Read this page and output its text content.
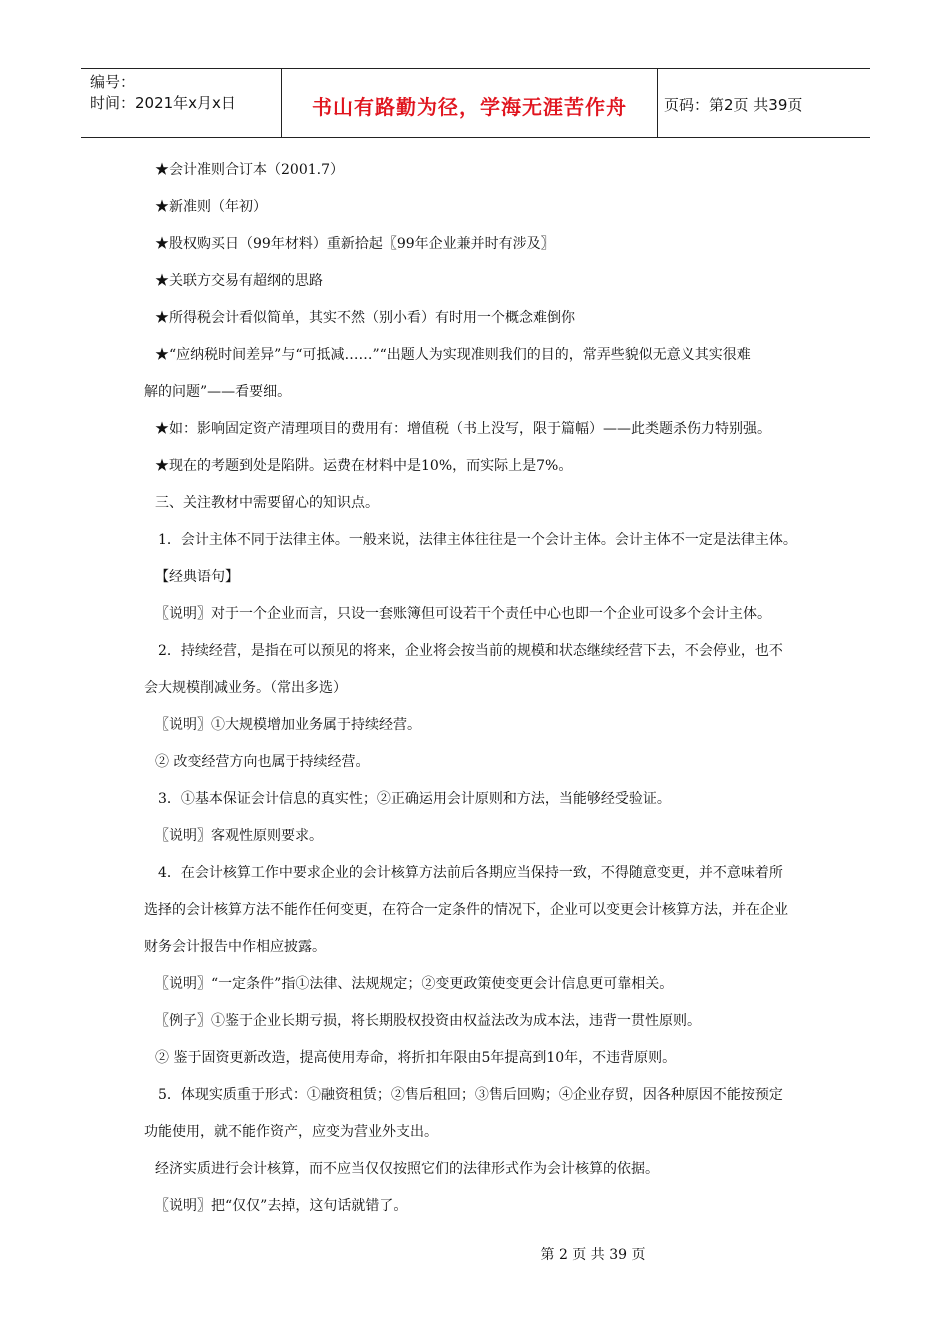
编号：
时间：2021年x月x日	书山有路勤为径，学海无涯苦作舟 页码：第2页 共39页
★会计准则合订本（2001.7）
★新准则（年初）
★股权购买日（99年材料）重新拾起〖99年企业兼并时有涉及〗
★关联方交易有超纲的思路
★所得税会计看似简单，其实不然（别小看）有时用一个概念难倒你
★“应纳税时间差异”与“可抵减……”“出题人为实现准则我们的目的，常弄些貌似无意义其实很难
解的问题”——看要细。
★如：影响固定资产清理项目的费用有：增值税（书上没写，限于篇幅）——此类题杀伤力特别强。
★现在的考题到处是陷阱。运费在材料中是10%，而实际上是7%。
三、关注教材中需要留心的知识点。
1．会计主体不同于法律主体。一般来说，法律主体往往是一个会计主体。会计主体不一定是法律主体。
【经典语句】
〖说明〗对于一个企业而言，只设一套账簿但可设若干个责任中心也即一个企业可设多个会计主体。
2．持续经营，是指在可以预见的将来，企业将会按当前的规模和状态继续经营下去，不会停业，也不
会大规模削减业务。（常出多选）
〖说明〗①大规模增加业务属于持续经营。
② 改变经营方向也属于持续经营。
3．①基本保证会计信息的真实性；②正确运用会计原则和方法，当能够经受验证。
〖说明〗客观性原则要求。
4．在会计核算工作中要求企业的会计核算方法前后各期应当保持一致，不得随意变更，并不意味着所
选择的会计核算方法不能作任何变更，在符合一定条件的情况下，企业可以变更会计核算方法，并在企业
财务会计报告中作相应披露。
〖说明〗“一定条件”指①法律、法规规定；②变更政策使变更会计信息更可靠相关。
〖例子〗①鉴于企业长期亏损，将长期股权投资由权益法改为成本法，违背一贯性原则。
② 鉴于固资更新改造，提高使用寿命，将折扣年限由5年提高到10年，不违背原则。
5．体现实质重于形式：①融资租赁；②售后租回；③售后回购；④企业存贸，因各种原因不能按预定
功能使用，就不能作资产，应变为营业外支出。
经济实质进行会计核算，而不应当仅仅按照它们的法律形式作为会计核算的依据。
〖说明〗把“仅仅”去掉，这句话就错了。
第 2 页 共 39 页
